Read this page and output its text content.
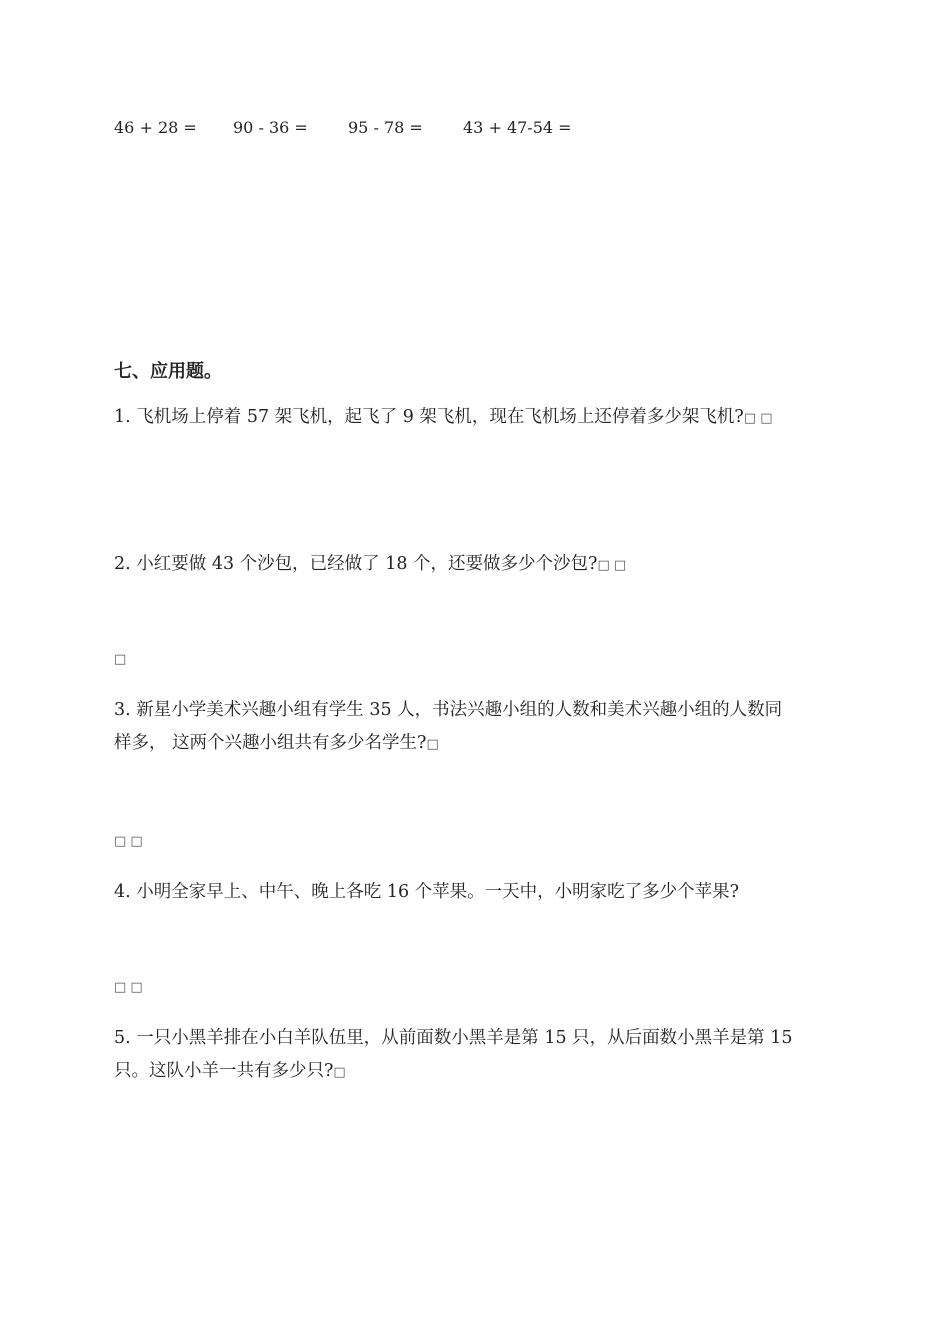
46 + 28 = 90 - 36 =	95 - 78 =	43 + 47-54 =
七、应用题。
1. 飞机场上停着 57 架飞机，起飞了 9 架飞机，现在飞机场上还停着多少架飞机?□ □
2. 小红要做 43 个沙包，已经做了 18 个，还要做多少个沙包?□ □
□
3. 新星小学美术兴趣小组有学生 35 人，书法兴趣小组的人数和美术兴趣小组的人数同
样多， 这两个兴趣小组共有多少名学生?□
□ □
4. 小明全家早上、中午、晚上各吃 16 个苹果。一天中，小明家吃了多少个苹果?
□ □
5. 一只小黑羊排在小白羊队伍里，从前面数小黑羊是第 15 只，从后面数小黑羊是第 15
只。这队小羊一共有多少只?□
